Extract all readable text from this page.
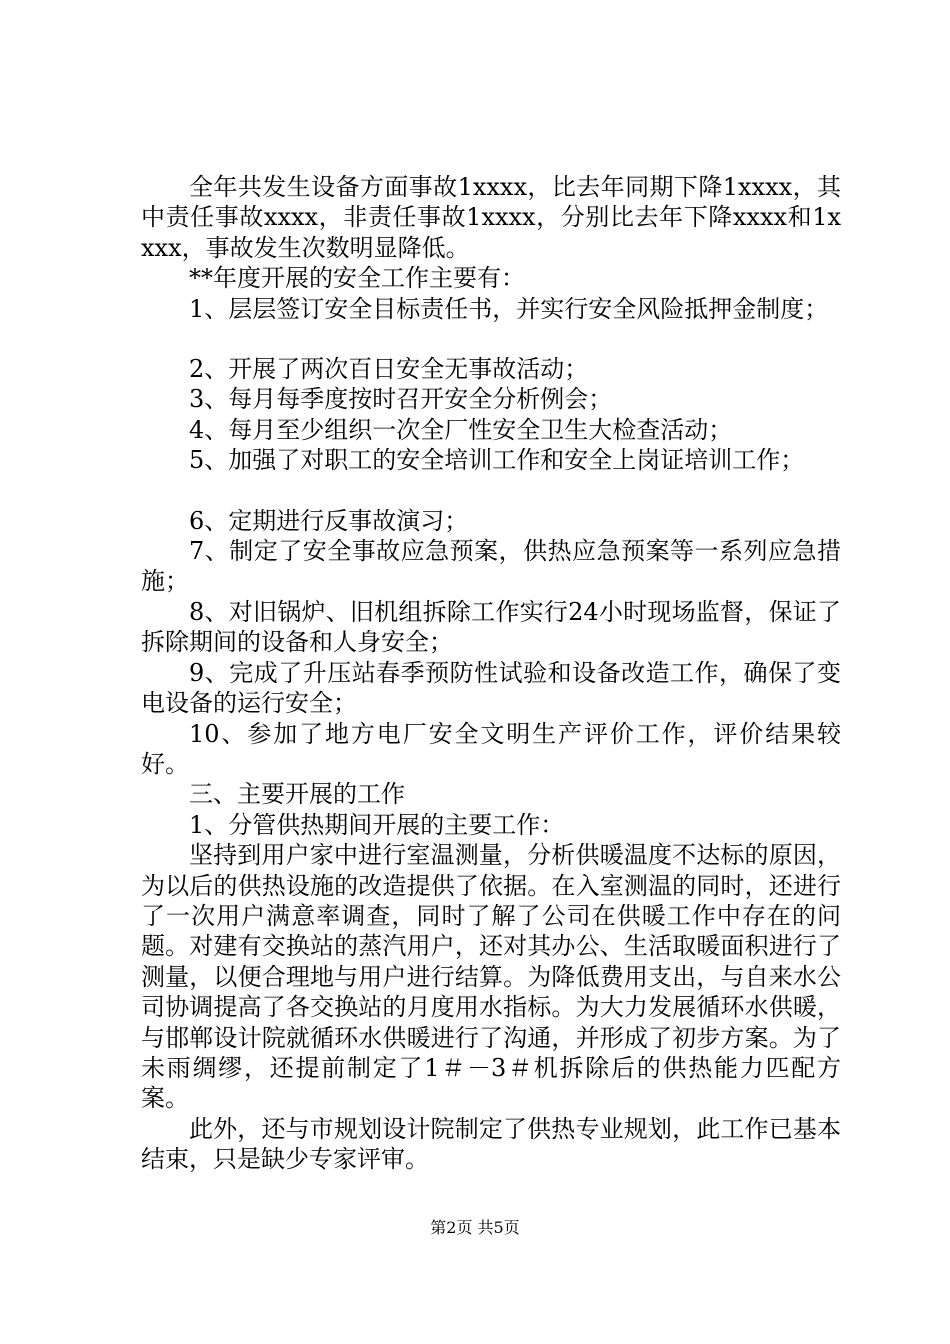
全年共发生设备方面事故1xxxx，比去年同期下降1xxxx，其中责任事故xxxx，非责任事故1xxxx，分别比去年下降xxxx和1xxxx，事故发生次数明显降低。

**年度开展的安全工作主要有：

1、层层签订安全目标责任书，并实行安全风险抵押金制度；

2、开展了两次百日安全无事故活动；

3、每月每季度按时召开安全分析例会；

4、每月至少组织一次全厂性安全卫生大检查活动；

5、加强了对职工的安全培训工作和安全上岗证培训工作；

6、定期进行反事故演习；

7、制定了安全事故应急预案，供热应急预案等一系列应急措施；

8、对旧锅炉、旧机组拆除工作实行24小时现场监督，保证了拆除期间的设备和人身安全；

9、完成了升压站春季预防性试验和设备改造工作，确保了变电设备的运行安全；

10、参加了地方电厂安全文明生产评价工作，评价结果较好。

三、主要开展的工作

1、分管供热期间开展的主要工作：

坚持到用户家中进行室温测量，分析供暖温度不达标的原因，为以后的供热设施的改造提供了依据。在入室测温的同时，还进行了一次用户满意率调查，同时了解了公司在供暖工作中存在的问题。对建有交换站的蒸汽用户，还对其办公、生活取暖面积进行了测量，以便合理地与用户进行结算。为降低费用支出，与自来水公司协调提高了各交换站的月度用水指标。为大力发展循环水供暖，与邯郸设计院就循环水供暖进行了沟通，并形成了初步方案。为了未雨绸缪，还提前制定了1＃－3＃机拆除后的供热能力匹配方案。

此外，还与市规划设计院制定了供热专业规划，此工作已基本结束，只是缺少专家评审。

第2页 共5页
